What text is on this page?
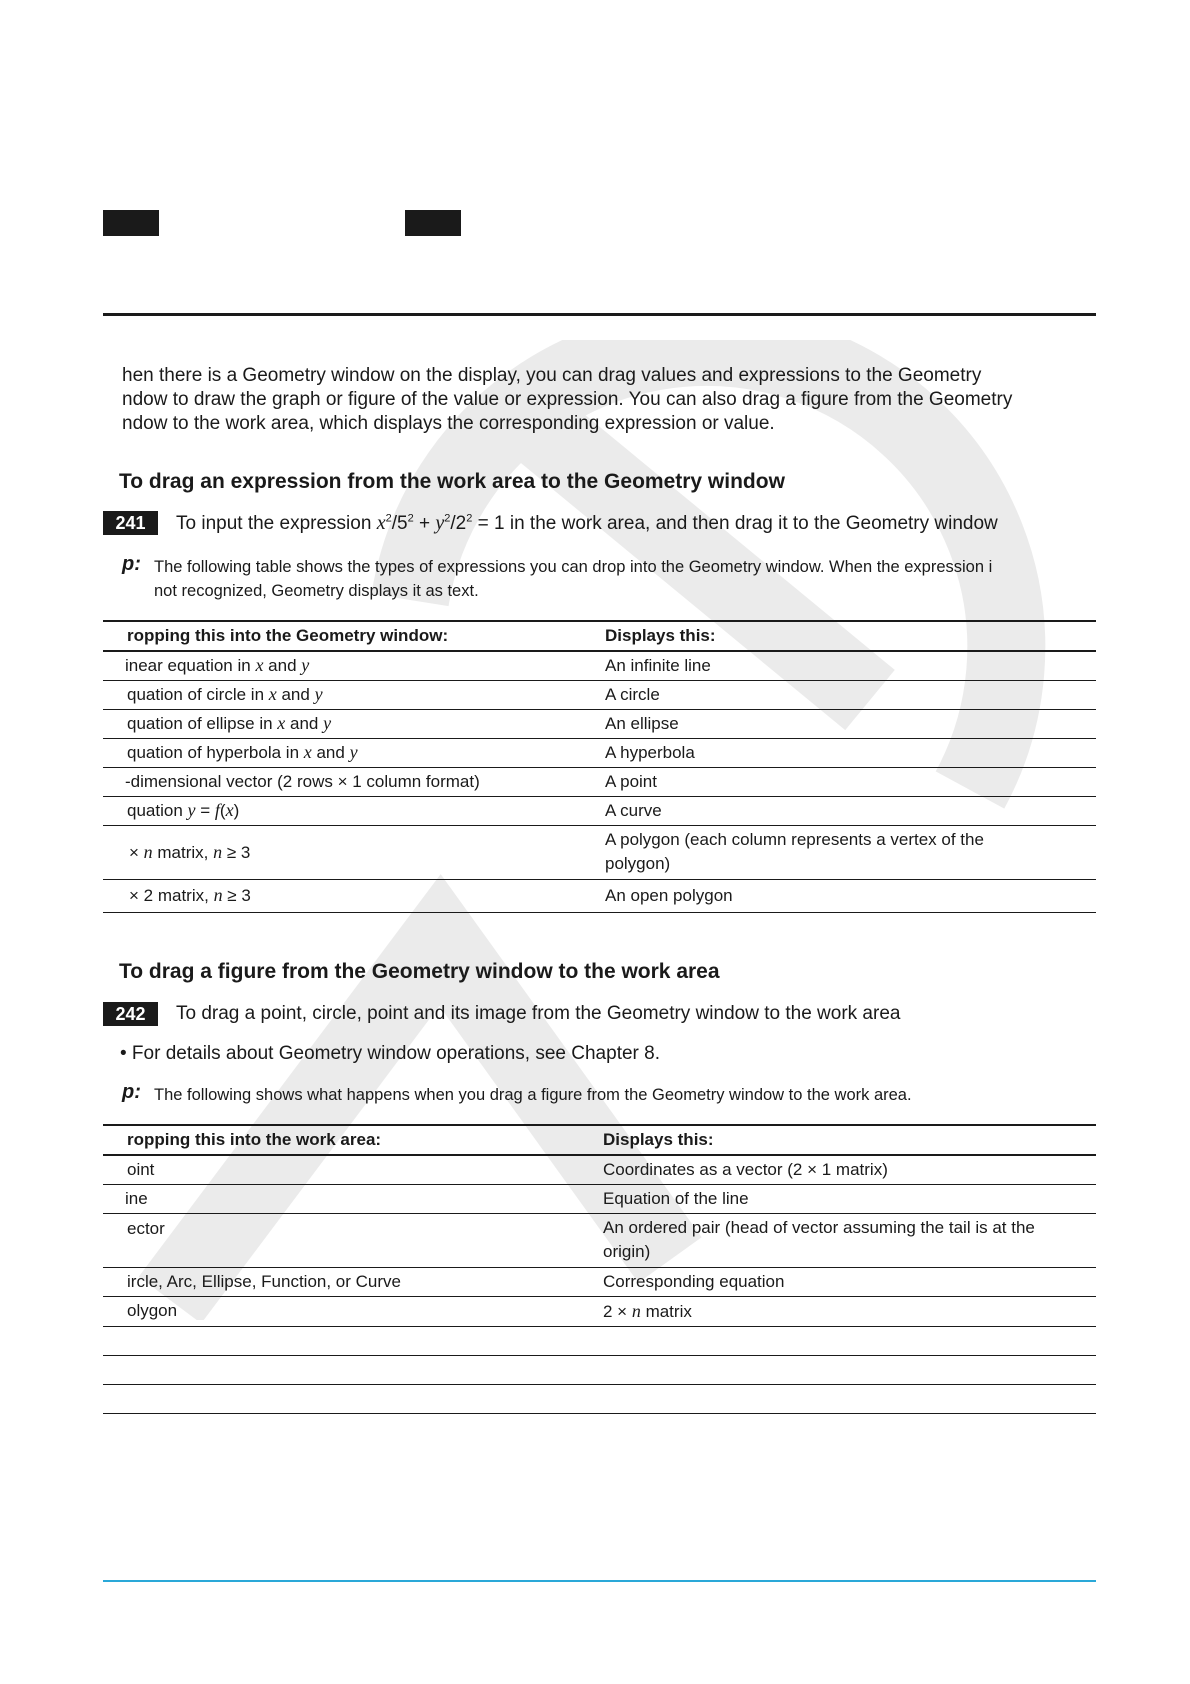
hen there is a Geometry window on the display, you can drag values and expressions to the Geometry
ndow to draw the graph or figure of the value or expression. You can also drag a figure from the Geometry
ndow to the work area, which displays the corresponding expression or value.

To drag an expression from the work area to the Geometry window
241	To input the expression $x^2/5^2 + y^2/2^2 = 1$ in the work area, and then drag it to the Geometry window
p: The following table shows the types of expressions you can drop into the Geometry window. When the expression i
not recognized, Geometry displays it as text.
ropping this into the Geometry window:	Displays this:
inear equation in x and y	An infinite line
quation of circle in x and y	A circle
quation of ellipse in x and y	An ellipse
quation of hyperbola in x and y	A hyperbola
-dimensional vector (2 rows × 1 column format)	A point
quation y = f(x)	A curve
× n matrix, n ≥ 3	A polygon (each column represents a vertex of the
polygon)
× 2 matrix, n ≥ 3	An open polygon
To drag a figure from the Geometry window to the work area
242	To drag a point, circle, point and its image from the Geometry window to the work area
• For details about Geometry window operations, see Chapter 8.
p: The following shows what happens when you drag a figure from the Geometry window to the work area.
ropping this into the work area:	Displays this:
oint	Coordinates as a vector (2 × 1 matrix)
ine	Equation of the line
ector	An ordered pair (head of vector assuming the tail is at the
origin)
ircle, Arc, Ellipse, Function, or Curve	Corresponding equation
olygon	2 × n matrix
